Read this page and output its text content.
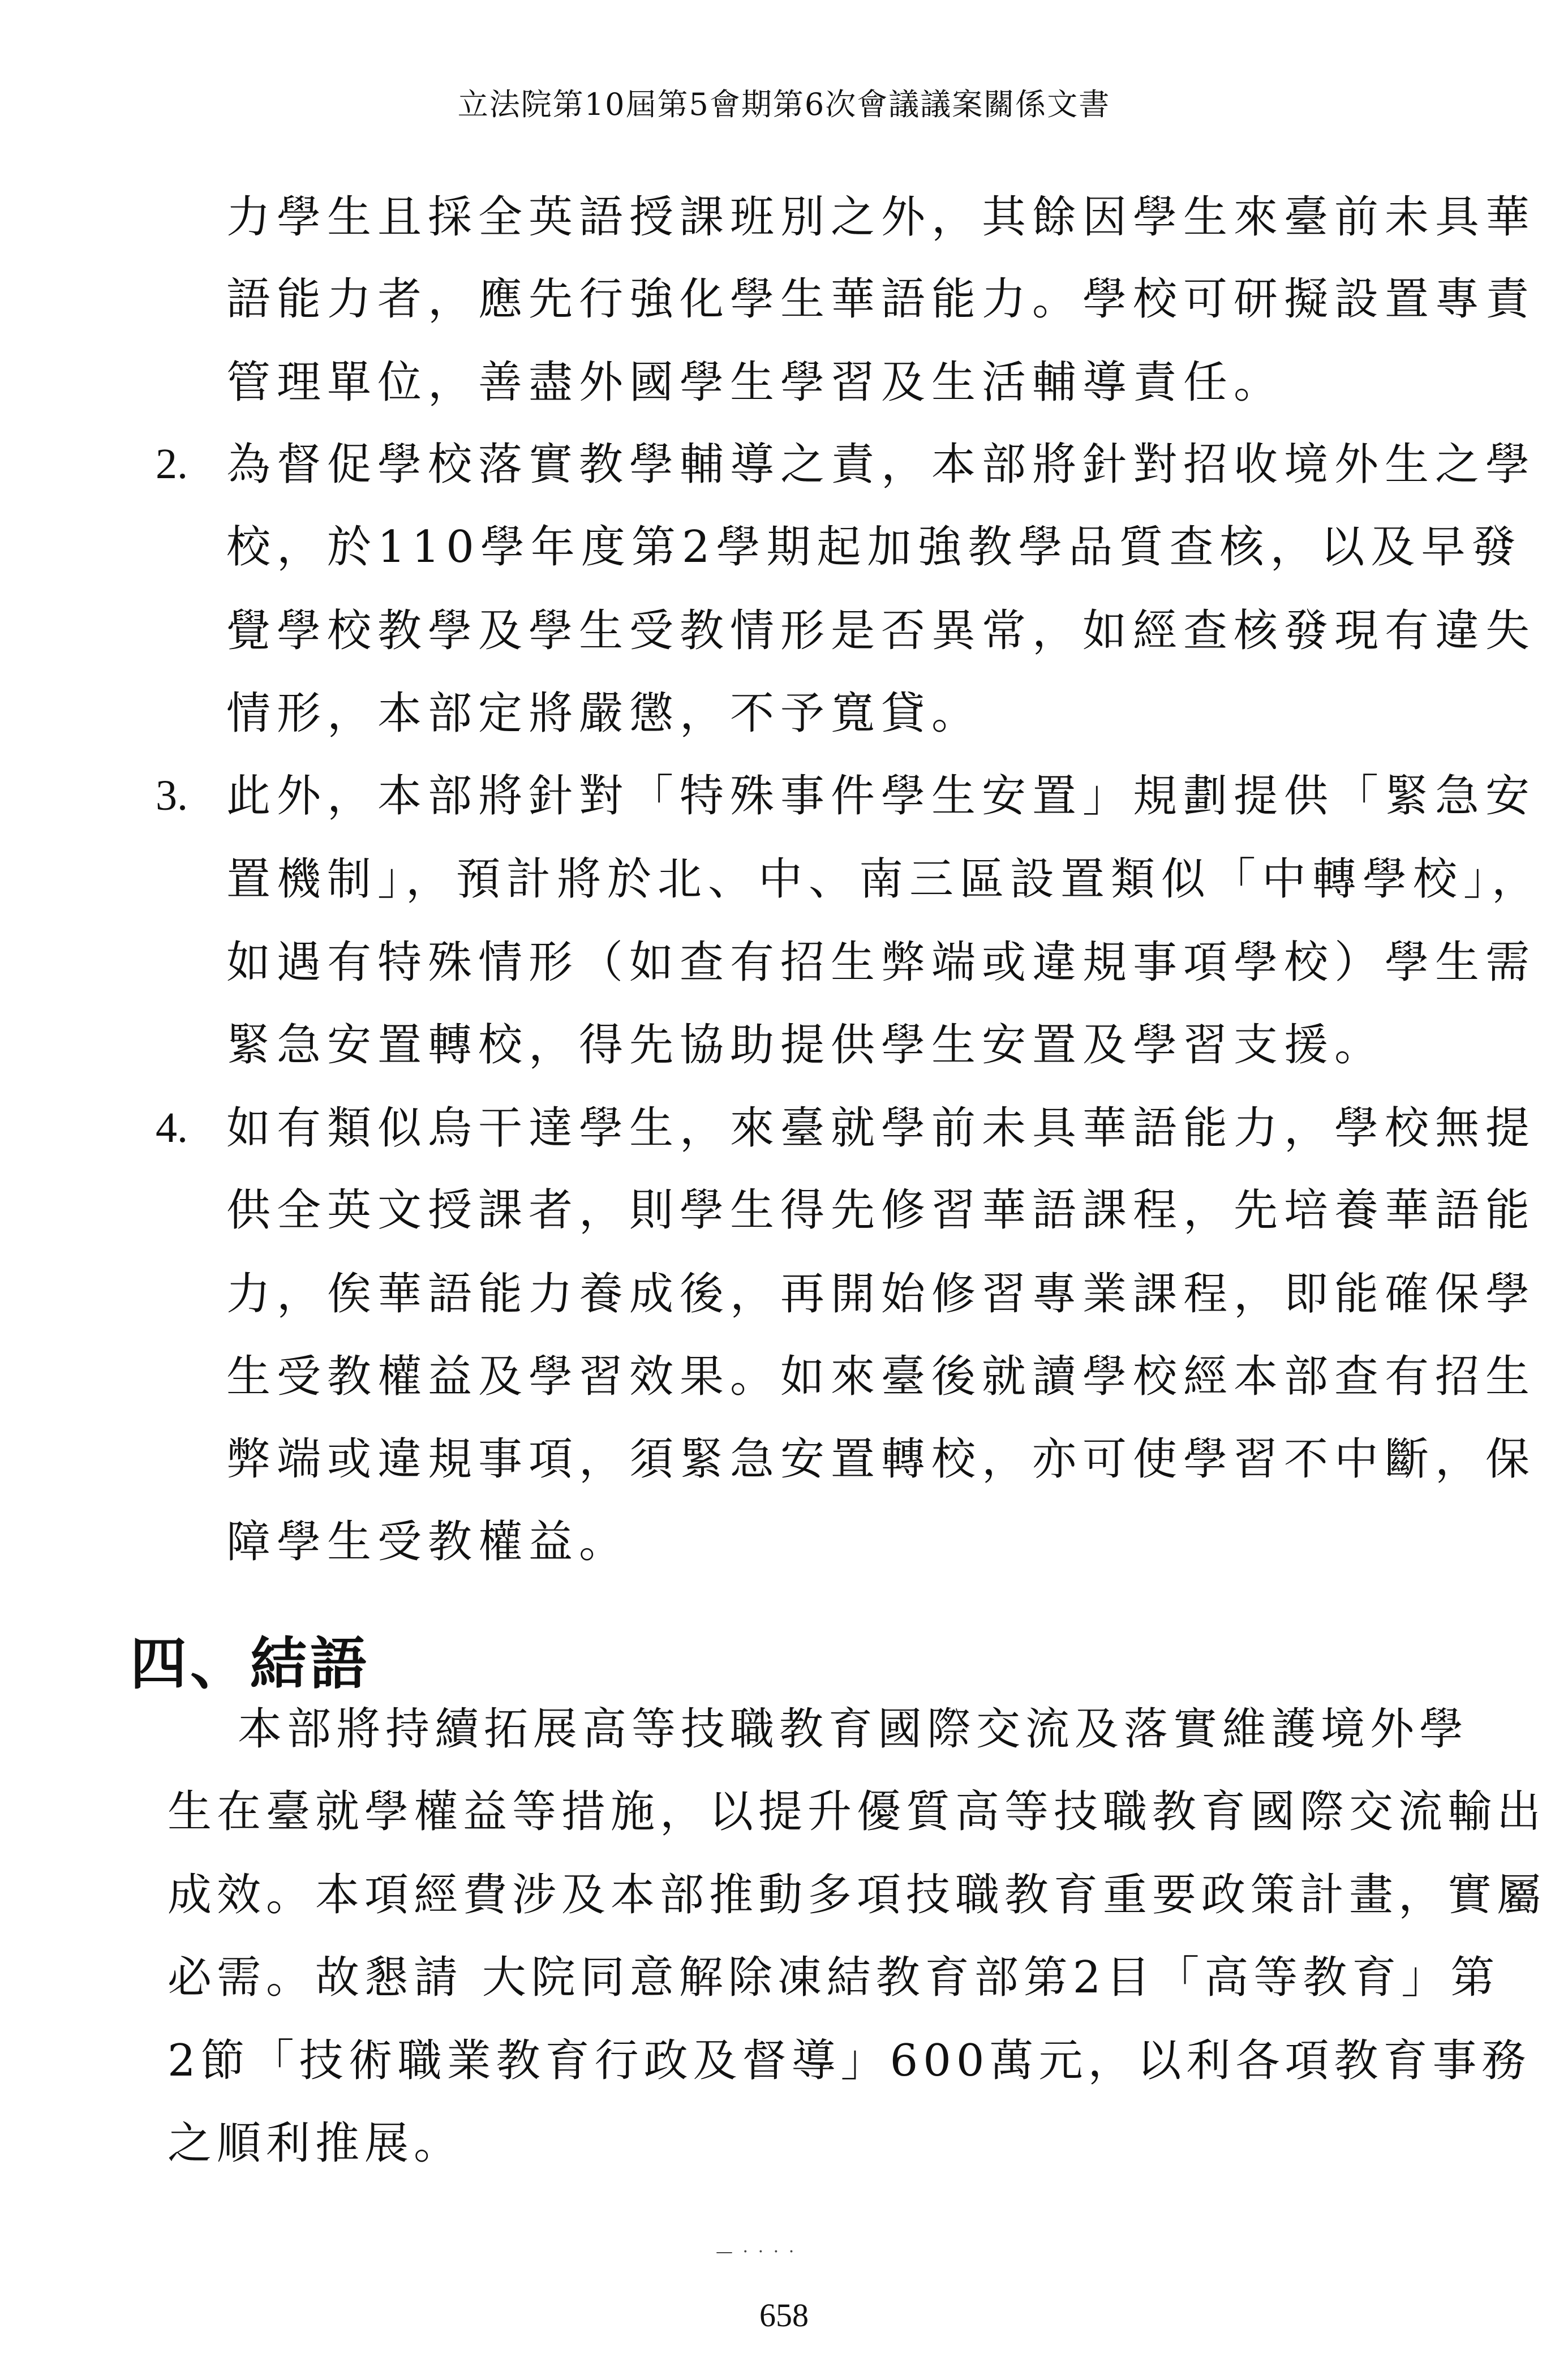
立法院第10屆第5會期第6次會議議案關係文書
力學生且採全英語授課班別之外，其餘因學生來臺前未具華
語能力者，應先行強化學生華語能力。學校可研擬設置專責
管理單位，善盡外國學生學習及生活輔導責任。
2. 為督促學校落實教學輔導之責，本部將針對招收境外生之學
校，於110學年度第2學期起加強教學品質查核，以及早發
覺學校教學及學生受教情形是否異常，如經查核發現有違失
情形，本部定將嚴懲，不予寬貸。
3. 此外，本部將針對「特殊事件學生安置」規劃提供「緊急安
置機制」，預計將於北、中、南三區設置類似「中轉學校」，
如遇有特殊情形（如查有招生弊端或違規事項學校）學生需
緊急安置轉校，得先協助提供學生安置及學習支援。
4. 如有類似烏干達學生，來臺就學前未具華語能力，學校無提
供全英文授課者，則學生得先修習華語課程，先培養華語能
力，俟華語能力養成後，再開始修習專業課程，即能確保學
生受教權益及學習效果。如來臺後就讀學校經本部查有招生
弊端或違規事項，須緊急安置轉校，亦可使學習不中斷，保
障學生受教權益。
四、結語
本部將持續拓展高等技職教育國際交流及落實維護境外學
生在臺就學權益等措施，以提升優質高等技職教育國際交流輸出
成效。本項經費涉及本部推動多項技職教育重要政策計畫，實屬
必需。故懇請 大院同意解除凍結教育部第2目「高等教育」第
2節「技術職業教育行政及督導」600萬元，以利各項教育事務
之順利推展。
— · · · ·
658
